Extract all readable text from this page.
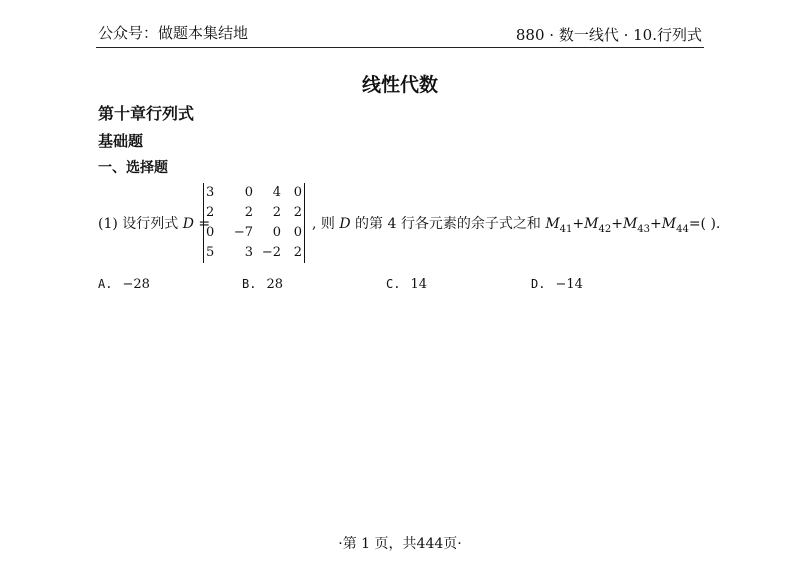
公众号：做题本集结地	880 · 数一线代 · 10.行列式
线性代数
第十章行列式
基础题
一、选择题
(1) 设行列式 D =
3	0	4	0
2	2	2	2
0	−7	0	0
5	3	−2	2
, 则 D 的第 4 行各元素的余子式之和 $M_{41}+M_{42}+M_{43}+M_{44}=$( ).
A. −28	B. 28	C. 14	D. −14
·第 1 页，共444页·
